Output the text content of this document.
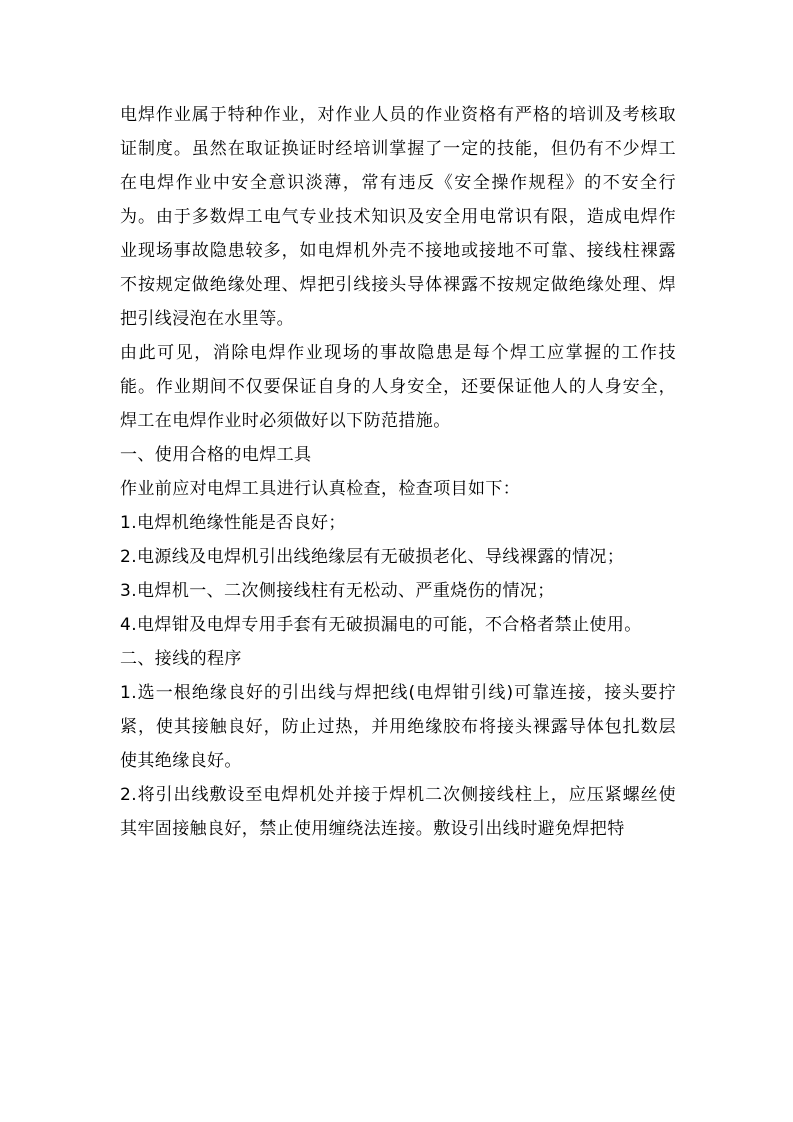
电焊作业属于特种作业，对作业人员的作业资格有严格的培训及考核取证制度。虽然在取证换证时经培训掌握了一定的技能，但仍有不少焊工在电焊作业中安全意识淡薄，常有违反《安全操作规程》的不安全行为。由于多数焊工电气专业技术知识及安全用电常识有限，造成电焊作业现场事故隐患较多，如电焊机外壳不接地或接地不可靠、接线柱裸露不按规定做绝缘处理、焊把引线接头导体裸露不按规定做绝缘处理、焊把引线浸泡在水里等。

由此可见，消除电焊作业现场的事故隐患是每个焊工应掌握的工作技能。作业期间不仅要保证自身的人身安全，还要保证他人的人身安全，焊工在电焊作业时必须做好以下防范措施。

一、使用合格的电焊工具

作业前应对电焊工具进行认真检查，检查项目如下：

1.电焊机绝缘性能是否良好；

2.电源线及电焊机引出线绝缘层有无破损老化、导线裸露的情况；

3.电焊机一、二次侧接线柱有无松动、严重烧伤的情况；

4.电焊钳及电焊专用手套有无破损漏电的可能，不合格者禁止使用。

二、接线的程序

1.选一根绝缘良好的引出线与焊把线(电焊钳引线)可靠连接，接头要拧紧，使其接触良好，防止过热，并用绝缘胶布将接头裸露导体包扎数层使其绝缘良好。

2.将引出线敷设至电焊机处并接于焊机二次侧接线柱上，应压紧螺丝使其牢固接触良好，禁止使用缠绕法连接。敷设引出线时避免焊把特
